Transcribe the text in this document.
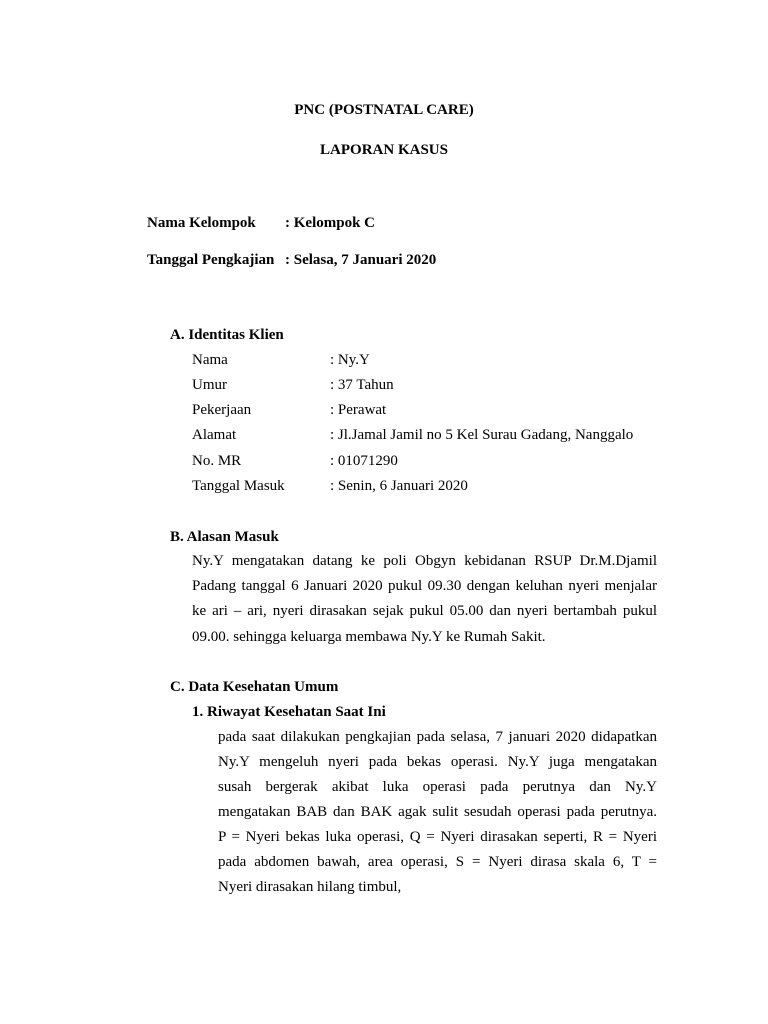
PNC (POSTNATAL CARE)
LAPORAN KASUS
Nama Kelompok : Kelompok C
Tanggal Pengkajian : Selasa, 7 Januari 2020
A. Identitas Klien
Nama	: Ny.Y
Umur	: 37 Tahun
Pekerjaan	: Perawat
Alamat	: Jl.Jamal Jamil no 5 Kel Surau Gadang, Nanggalo
No. MR	: 01071290
Tanggal Masuk	: Senin, 6 Januari 2020
B. Alasan Masuk
Ny.Y mengatakan datang ke poli Obgyn kebidanan RSUP Dr.M.Djamil
Padang tanggal 6 Januari 2020 pukul 09.30 dengan keluhan nyeri menjalar
ke ari – ari, nyeri dirasakan sejak pukul 05.00 dan nyeri bertambah pukul
09.00. sehingga keluarga membawa Ny.Y ke Rumah Sakit.
C. Data Kesehatan Umum
1. Riwayat Kesehatan Saat Ini
pada saat dilakukan pengkajian pada selasa, 7 januari 2020 didapatkan
Ny.Y mengeluh nyeri pada bekas operasi. Ny.Y juga mengatakan
susah bergerak akibat luka operasi pada perutnya dan Ny.Y
mengatakan BAB dan BAK agak sulit sesudah operasi pada perutnya.
P = Nyeri bekas luka operasi, Q = Nyeri dirasakan seperti, R = Nyeri
pada abdomen bawah, area operasi, S = Nyeri dirasa skala 6, T =
Nyeri dirasakan hilang timbul,
